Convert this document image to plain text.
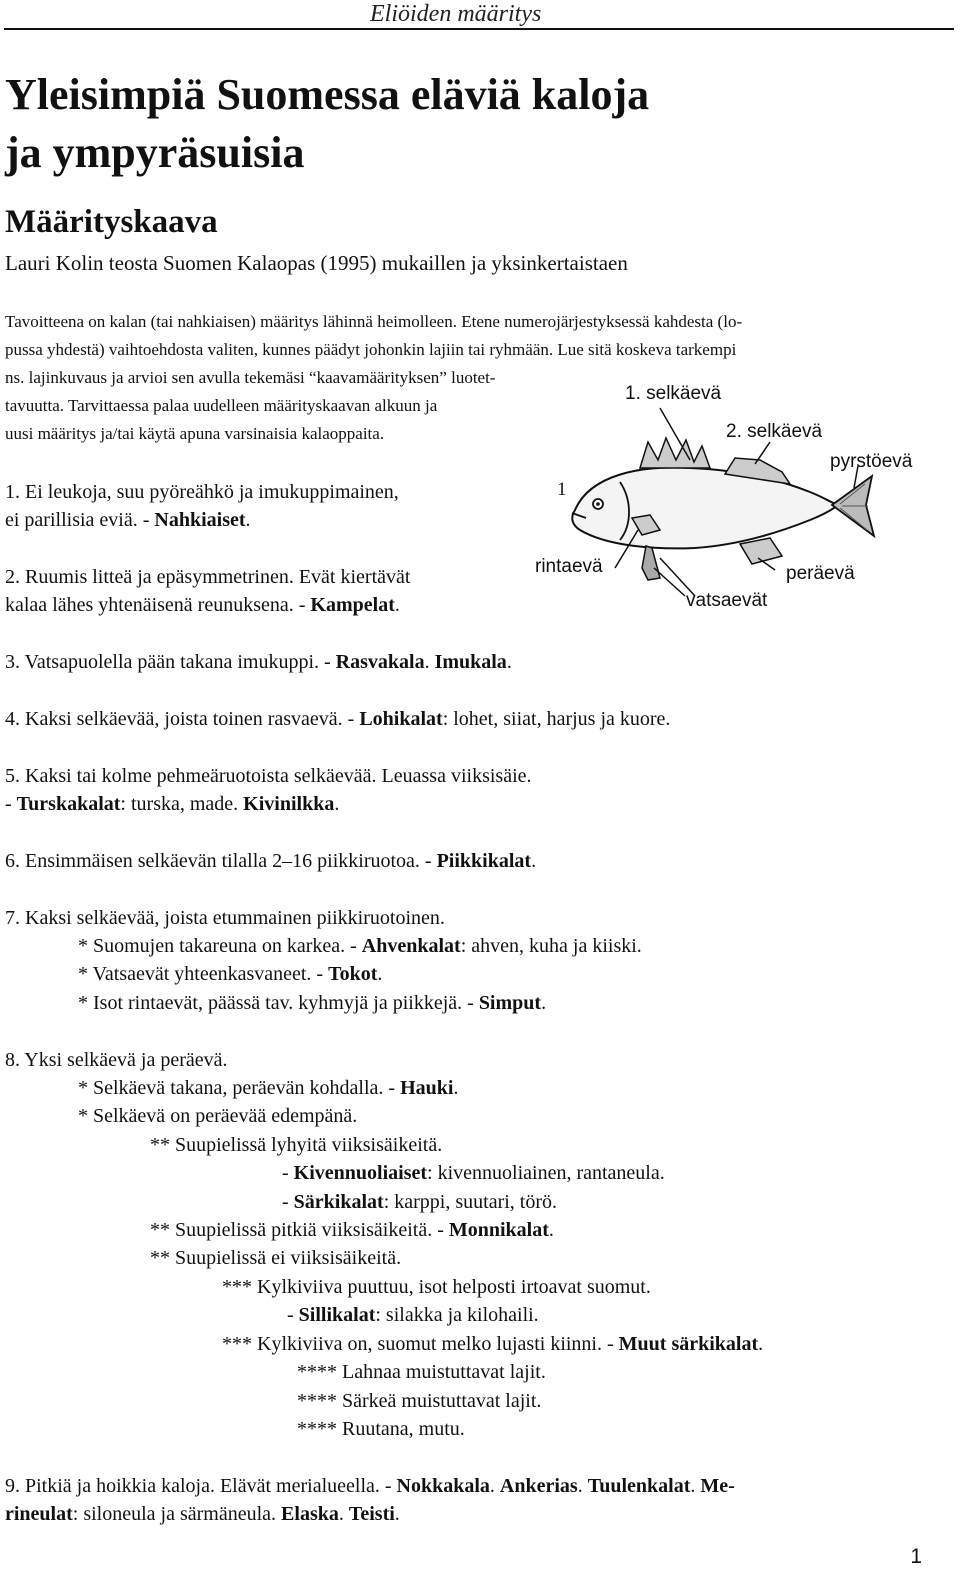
Eliöiden määritys
Yleisimpiä Suomessa eläviä kaloja
ja ympyräsuisia
Määrityskaava
Lauri Kolin teosta Suomen Kalaopas (1995) mukaillen ja yksinkertaistaen
Tavoitteena on kalan (tai nahkiaisen) määritys lähinnä heimolleen. Etene numerojärjestyksessä kahdesta (lo-
pussa yhdestä) vaihtoehdosta valiten, kunnes päädyt johonkin lajiin tai ryhmään. Lue sitä koskeva tarkempi
ns. lajinkuvaus ja arvioi sen avulla tekemäsi “kaavamäärityksen” luotet-
tavuutta. Tarvittaessa palaa uudelleen määrityskaavan alkuun ja
uusi määritys ja/tai käytä apuna varsinaisia kalaoppaita.
1. selkäevä
2. selkäevä
pyrstöevä
1
rintaevä	peräevä
vatsaevät
1. Ei leukoja, suu pyöreähkö ja imukuppimainen,
ei parillisia eviä. - Nahkiaiset.
2. Ruumis litteä ja epäsymmetrinen. Evät kiertävät
kalaa lähes yhtenäisenä reunuksena. - Kampelat.
3. Vatsapuolella pään takana imukuppi. - Rasvakala. Imukala.
4. Kaksi selkäevää, joista toinen rasvaevä. - Lohikalat: lohet, siiat, harjus ja kuore.
5. Kaksi tai kolme pehmeäruotoista selkäevää. Leuassa viiksisäie.
- Turskakalat: turska, made. Kivinilkka.
6. Ensimmäisen selkäevän tilalla 2–16 piikkiruotoa. - Piikkikalat.
7. Kaksi selkäevää, joista etummainen piikkiruotoinen.
* Suomujen takareuna on karkea. - Ahvenkalat: ahven, kuha ja kiiski.
* Vatsaevät yhteenkasvaneet. - Tokot.
* Isot rintaevät, päässä tav. kyhmyjä ja piikkejä. - Simput.
8. Yksi selkäevä ja peräevä.
* Selkäevä takana, peräevän kohdalla. - Hauki.
* Selkäevä on peräevää edempänä.
** Suupielissä lyhyitä viiksisäikeitä.
- Kivennuoliaiset: kivennuoliainen, rantaneula.
- Särkikalat: karppi, suutari, törö.
** Suupielissä pitkiä viiksisäikeitä. - Monnikalat.
** Suupielissä ei viiksisäikeitä.
*** Kylkiviiva puuttuu, isot helposti irtoavat suomut.
- Sillikalat: silakka ja kilohaili.
*** Kylkiviiva on, suomut melko lujasti kiinni. - Muut särkikalat.
**** Lahnaa muistuttavat lajit.
**** Särkeä muistuttavat lajit.
**** Ruutana, mutu.
9. Pitkiä ja hoikkia kaloja. Elävät merialueella. - Nokkakala. Ankerias. Tuulenkalat. Me-
rineulat: siloneula ja särmäneula. Elaska. Teisti.
1
